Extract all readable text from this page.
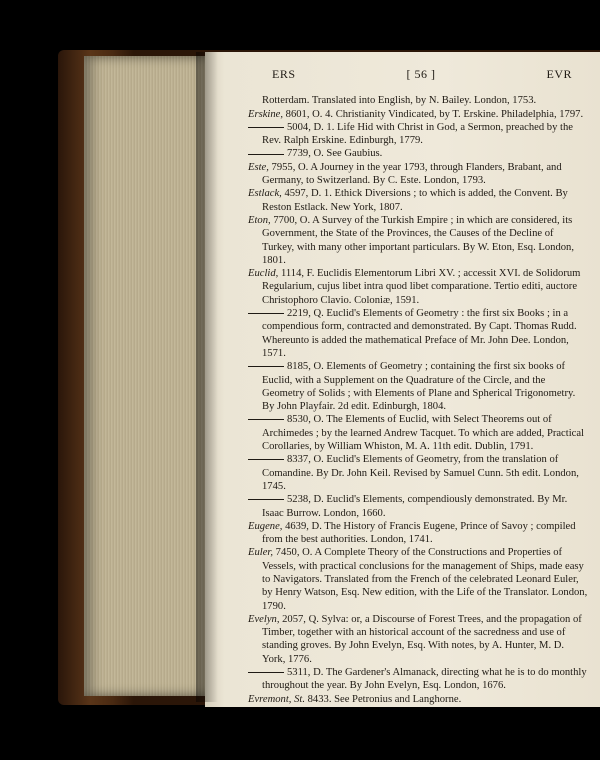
ERS	[ 56 ]	EVR

Rotterdam. Translated into English, by N. Bailey. London, 1753.

Erskine, 8601, O. 4. Christianity Vindicated, by T. Erskine. Philadelphia, 1797.

5004, D. 1. Life Hid with Christ in God, a Sermon, preached by the Rev. Ralph Erskine. Edinburgh, 1779.

7739, O. See Gaubius.

Este, 7955, O. A Journey in the year 1793, through Flanders, Brabant, and Germany, to Switzerland. By C. Este. London, 1793.

Estlack, 4597, D. 1. Ethick Diversions ; to which is added, the Convent. By Reston Estlack. New York, 1807.

Eton, 7700, O. A Survey of the Turkish Empire ; in which are considered, its Government, the State of the Provinces, the Causes of the Decline of Turkey, with many other important particulars. By W. Eton, Esq. London, 1801.

Euclid, 1114, F. Euclidis Elementorum Libri XV. ; accessit XVI. de Solidorum Regularium, cujus libet intra quod libet comparatione. Tertio editi, auctore Christophoro Clavio. Coloniæ, 1591.

2219, Q. Euclid's Elements of Geometry : the first six Books ; in a compendious form, contracted and demonstrated. By Capt. Thomas Rudd. Whereunto is added the mathematical Preface of Mr. John Dee. London, 1571.

8185, O. Elements of Geometry ; containing the first six books of Euclid, with a Supplement on the Quadrature of the Circle, and the Geometry of Solids ; with Elements of Plane and Spherical Trigonometry. By John Playfair. 2d edit. Edinburgh, 1804.

8530, O. The Elements of Euclid, with Select Theorems out of Archimedes ; by the learned Andrew Tacquet. To which are added, Practical Corollaries, by William Whiston, M. A. 11th edit. Dublin, 1791.

8337, O. Euclid's Elements of Geometry, from the translation of Comandine. By Dr. John Keil. Revised by Samuel Cunn. 5th edit. London, 1745.

5238, D. Euclid's Elements, compendiously demonstrated. By Mr. Isaac Burrow. London, 1660.

Eugene, 4639, D. The History of Francis Eugene, Prince of Savoy ; compiled from the best authorities. London, 1741.

Euler, 7450, O. A Complete Theory of the Constructions and Properties of Vessels, with practical conclusions for the management of Ships, made easy to Navigators. Translated from the French of the celebrated Leonard Euler, by Henry Watson, Esq. New edition, with the Life of the Translator. London, 1790.

Evelyn, 2057, Q. Sylva: or, a Discourse of Forest Trees, and the propagation of Timber, together with an historical account of the sacredness and use of standing groves. By John Evelyn, Esq. With notes, by A. Hunter, M. D. York, 1776.

5311, D. The Gardener's Almanack, directing what he is to do monthly throughout the year. By John Evelyn, Esq. London, 1676.

Evremont, St. 8433. See Petronius and Langhorne.
